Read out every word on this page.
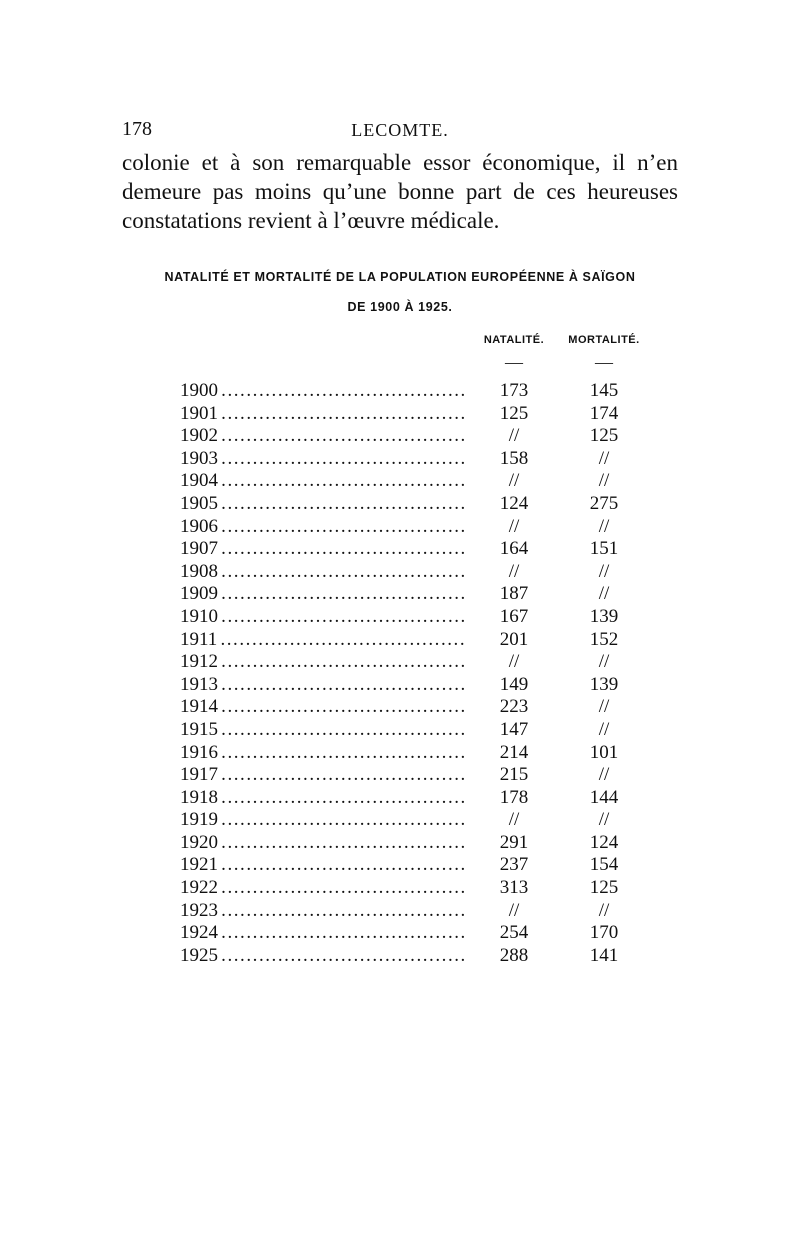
178	LECOMTE.

colonie et à son remarquable essor économique, il n’en demeure pas moins qu’une bonne part de ces heureuses constatations revient à l’œuvre médicale.

NATALITÉ ET MORTALITÉ DE LA POPULATION EUROPÉENNE À SAÏGON
DE 1900 À 1925.
NATALITÉ.	MORTALITÉ.
—	—
1900 . . .	173	145
1901 . . .	125	174
1902 . . .	//	125
1903 . . .	158	//
1904 . . .	//	//
1905 . . .	124	275
1906 . . .	//	//
1907 . . .	164	151
1908 . . .	//	//
1909 . . .	187	//
1910 . . .	167	139
1911 . . .	201	152
1912 . . .	//	//
1913 . . .	149	139
1914 . . .	223	//
1915 . . .	147	//
1916 . . .	214	101
1917 . . .	215	//
1918 . . .	178	144
1919 . . .	//	//
1920 . . .	291	124
1921 . . .	237	154
1922 . . .	313	125
1923 . . .	//	//
1924 . . .	254	170
1925 . . .	288	141
